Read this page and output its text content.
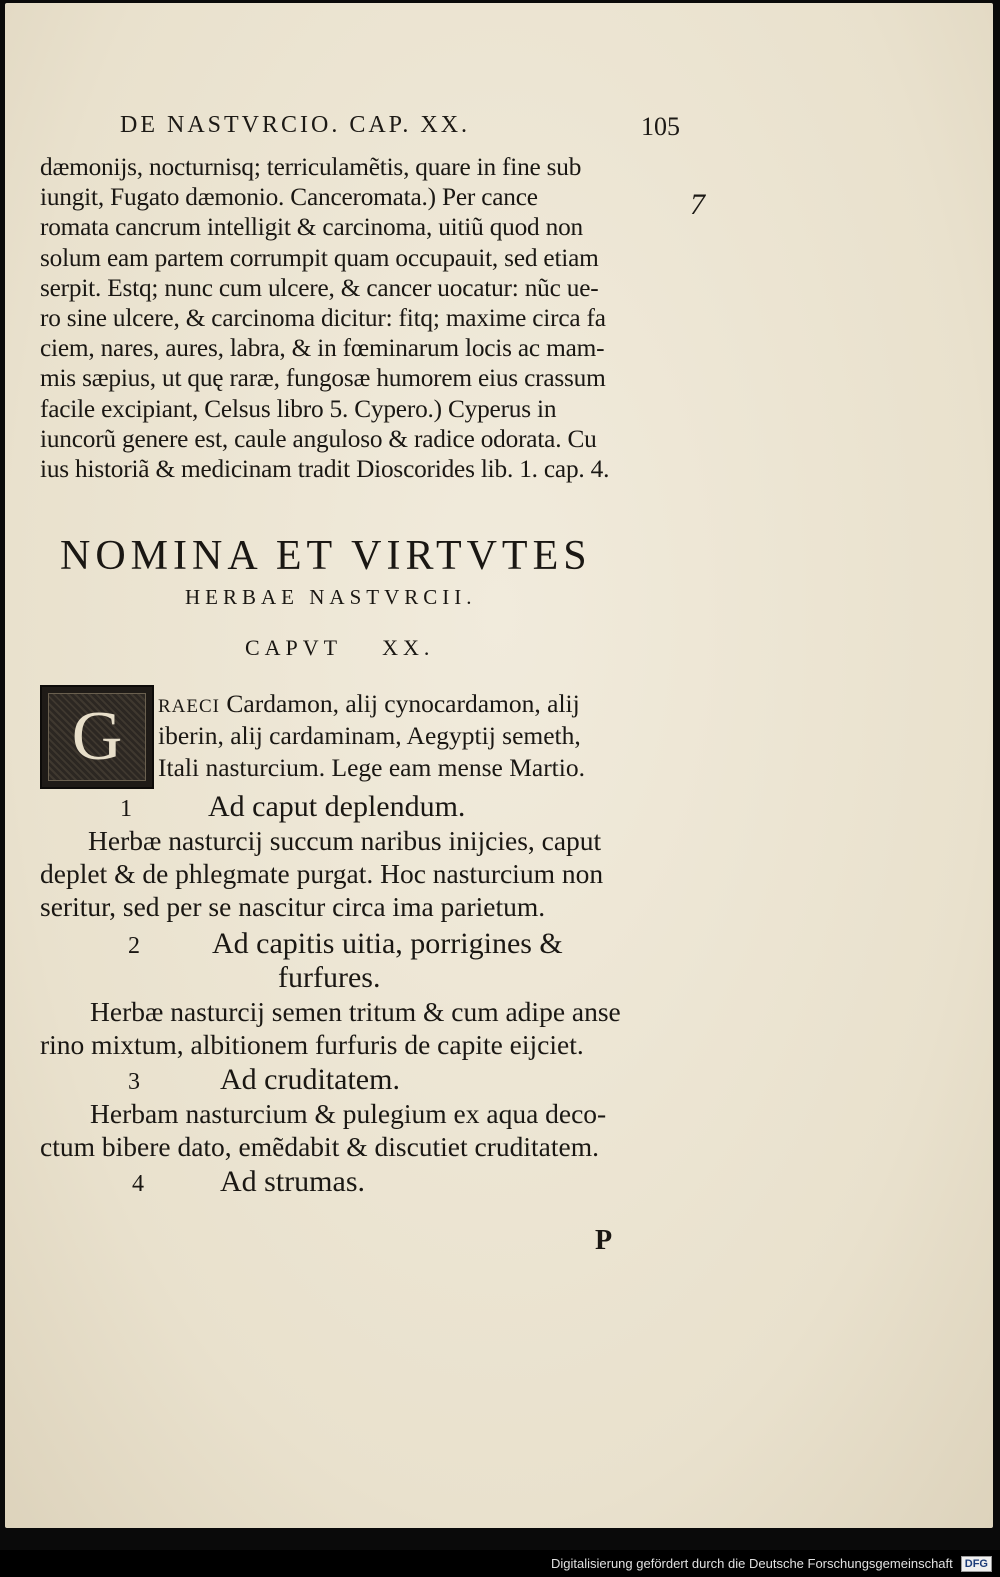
DE NASTVRCIO. CAP. XX.	105
7
dæmonijs, nocturnisq; terriculamẽtis, quare in fine sub
iungit, Fugato dæmonio. Canceromata.) Per cance
romata cancrum intelligit & carcinoma, uitiũ quod non
solum eam partem corrumpit quam occupauit, sed etiam
serpit. Estq; nunc cum ulcere, & cancer uocatur: nũc ue-
ro sine ulcere, & carcinoma dicitur: fitq; maxime circa fa
ciem, nares, aures, labra, & in fœminarum locis ac mam-
mis sæpius, ut quę raræ, fungosæ humorem eius crassum
facile excipiant, Celsus libro 5. Cypero.) Cyperus in
iuncorũ genere est, caule angulοso & radice odorata. Cu
ius historiã & medicinam tradit Dioscorides lib. 1. cap. 4.
NOMINA ET VIRTVTES
HERBAE NASTVRCII.
CAPVT XX.
G	RAECI Cardamon, alij cynocardamon, alij
iberin, alij cardaminam, Aegyptij semeth,
Itali nasturcium. Lege eam mense Martio.
1	Ad caput deplendum.
Herbæ nasturcij succum naribus inijcies, caput
deplet & de phlegmate purgat. Hoc nasturcium non
seritur, sed per se nascitur circa ima parietum.
2 Ad capitis uitia, porrigines &
furfures.
Herbæ nasturcij semen tritum & cum adipe anse
rino mixtum, albitionem furfuris de capite eijciet.
3	Ad cruditatem.
Herbam nasturcium & pulegium ex aqua deco-
ctum bibere dato, emẽdabit & discutiet cruditatem.
4	Ad strumas.
P
Digitalisierung gefördert durch die Deutsche Forschungsgemeinschaft	DFG
